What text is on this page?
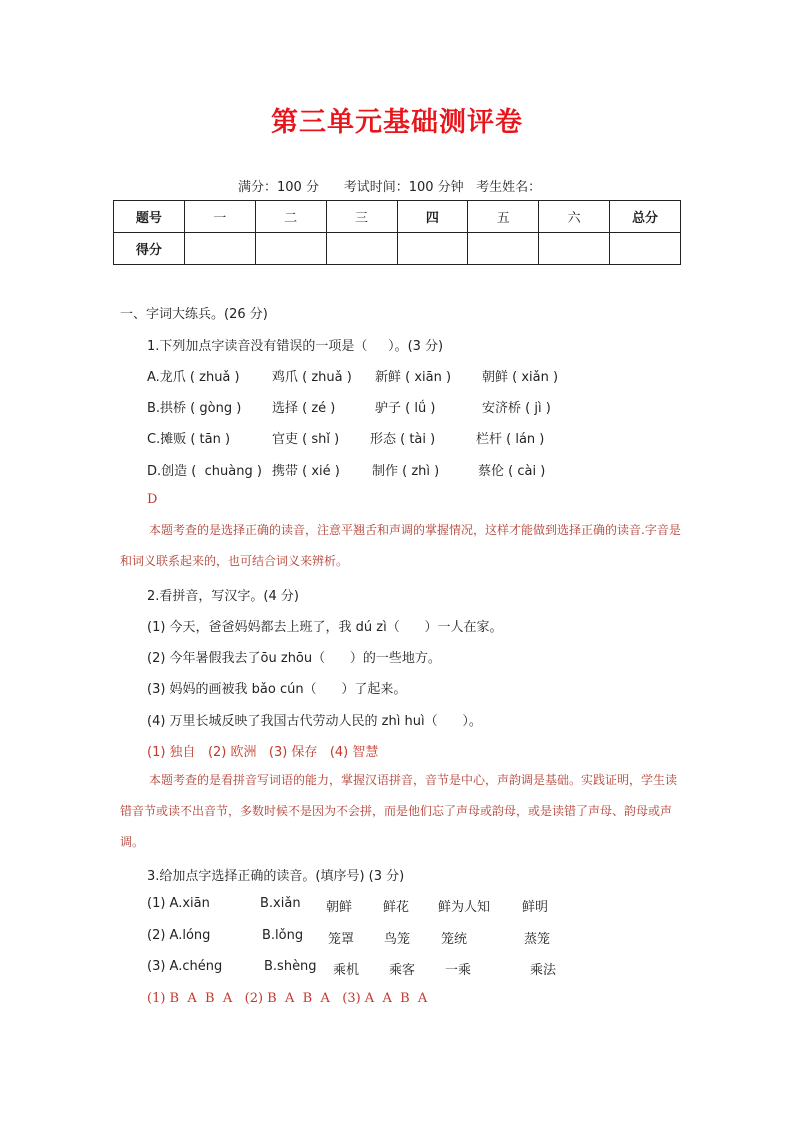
第三单元基础测评卷
满分：100 分      考试时间：100 分钟   考生姓名：
题号	一	二	三	四	五	六	总分
得分							
一、字词大练兵。(26 分)
1.下列加点字读音没有错误的一项是（     ）。(3 分)
A.龙爪 ( zhuǎ ) 鸡爪 ( zhuǎ ) 新鲜 ( xiān ) 朝鲜 ( xiǎn )
B.拱桥 ( gòng ) 选择 ( zé )	驴子 ( lǘ )	安济桥 ( jì )
C.摊贩 ( tān )	官吏 ( shǐ ) 形态 ( tài )	栏杆 ( lán )
D.创造 (  chuàng ) 携带 ( xié ) 制作 ( zhì )	蔡伦 ( cài )
D
本题考查的是选择正确的读音，注意平翘舌和声调的掌握情况，这样才能做到选择正确的读音.字音是和词义联系起来的，也可结合词义来辨析。
2.看拼音，写汉字。(4 分)
(1) 今天，爸爸妈妈都去上班了，我 dú zì（      ）一人在家。
(2) 今年暑假我去了ōu zhōu（      ）的一些地方。
(3) 妈妈的画被我 bǎo cún（      ）了起来。
(4) 万里长城反映了我国古代劳动人民的 zhì huì（      ）。
(1) 独自   (2) 欧洲   (3) 保存   (4) 智慧
本题考查的是看拼音写词语的能力，掌握汉语拼音，音节是中心，声韵调是基础。实践证明，学生读错音节或读不出音节，多数时候不是因为不会拼，而是他们忘了声母或韵母，或是读错了声母、韵母或声调。
3.给加点字选择正确的读音。(填序号) (3 分)
(1) A.xiān	B.xiǎn 朝鲜 鲜花 鲜为人知 鲜明
(2) A.lóng	B.lǒng 笼罩 鸟笼 笼统	蒸笼
(3) A.chéng	B.shèng 乘机 乘客 一乘	乘法
(1) B  A  B  A   (2) B  A  B  A   (3) A  A  B  A
